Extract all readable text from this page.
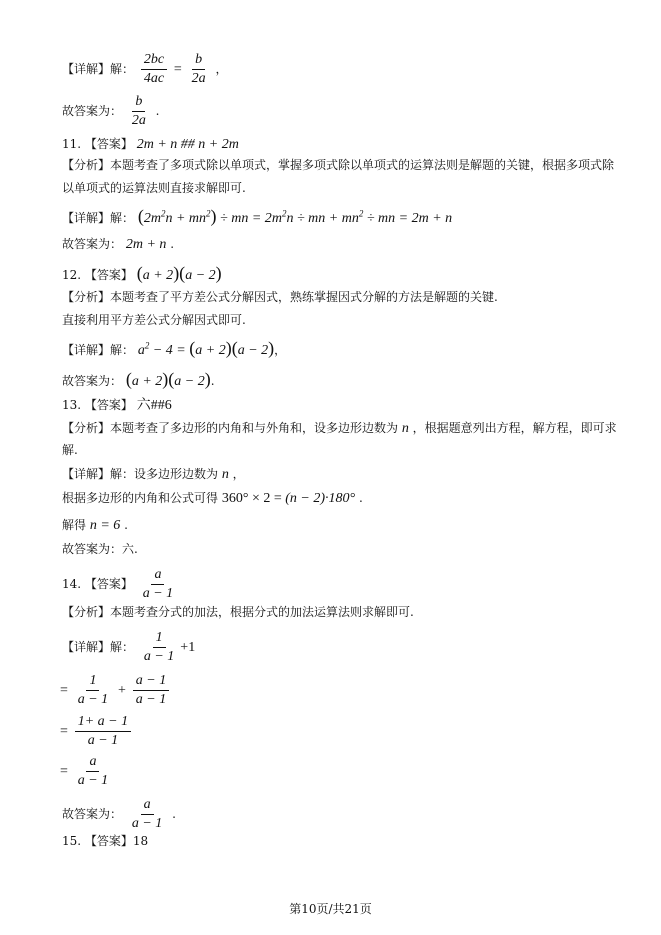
【详解】解： $\frac{2bc}{4ac} = \frac{b}{2a}$ ，
故答案为： $\frac{b}{2a}$ .
11. 【答案】 2m + n ## n + 2m
【分析】本题考查了多项式除以单项式，掌握多项式除以单项式的运算法则是解题的关键，根据多项式除
以单项式的运算法则直接求解即可.
【详解】解： $(2m^2n + mn^2)$ ÷ mn = $2m^2n$ ÷ mn + $mn^2$ ÷ mn = 2m + n
故答案为： 2m + n .
12. 【答案】 (a + 2)(a − 2)
【分析】本题考查了平方差公式分解因式，熟练掌握因式分解的方法是解题的关键.
直接利用平方差公式分解因式即可.
【详解】解： $a^2 - 4 = (a + 2)(a - 2)$，
故答案为： (a + 2)(a − 2).
13. 【答案】 六##6
【分析】本题考查了多边形的内角和与外角和，设多边形边数为 n ，根据题意列出方程，解方程，即可求
解.
【详解】解：设多边形边数为 n ，
根据多边形的内角和公式可得 360° × 2 = (n − 2)·180° .
解得 n = 6 .
故答案为：六.
14. 【答案】 $\frac{a}{a - 1}$
【分析】本题考查分式的加法，根据分式的加法运算法则求解即可.
【详解】解： $\frac{1}{a - 1} +1$
= $\frac{1}{a - 1} + \frac{a - 1}{a - 1}$
= $\frac{1+ a - 1}{a - 1}$
= $\frac{a}{a - 1}$
故答案为： $\frac{a}{a - 1}$ .
15. 【答案】18
第10页/共21页
